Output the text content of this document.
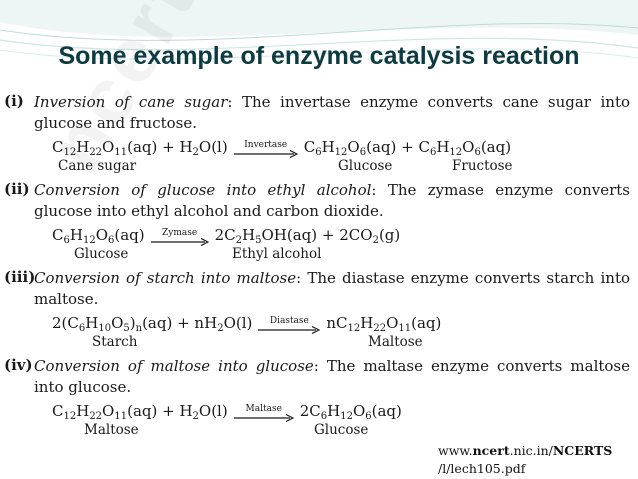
Some example of enzyme catalysis reaction
(i) Inversion of cane sugar: The invertase enzyme converts cane sugar into glucose and fructose.
$C_{12}H_{22}O_{11}(aq) + H_2O(l)$ Invertase $C_6H_{12}O_6(aq) + C_6H_{12}O_6(aq)$
Cane sugar	Glucose	Fructose
(ii) Conversion of glucose into ethyl alcohol: The zymase enzyme converts glucose into ethyl alcohol and carbon dioxide.
$C_6H_{12}O_6(aq)$ Zymase $2C_2H_5OH(aq) + 2CO_2(g)$
Glucose	Ethyl alcohol
(iii)
Conversion of starch into maltose: The diastase enzyme converts starch into maltose.
$2(C_6H_{10}O_5)_n(aq) + nH_2O(l)$ Diastase $nC_{12}H_{22}O_{11}(aq)$
Starch	Maltose
(iv) Conversion of maltose into glucose: The maltase enzyme converts maltose into glucose.
$C_{12}H_{22}O_{11}(aq) + H_2O(l)$ Maltase $2C_6H_{12}O_6(aq)$
Maltose	Glucose
www.ncert.nic.in/NCERTS
/l/lech105.pdf
